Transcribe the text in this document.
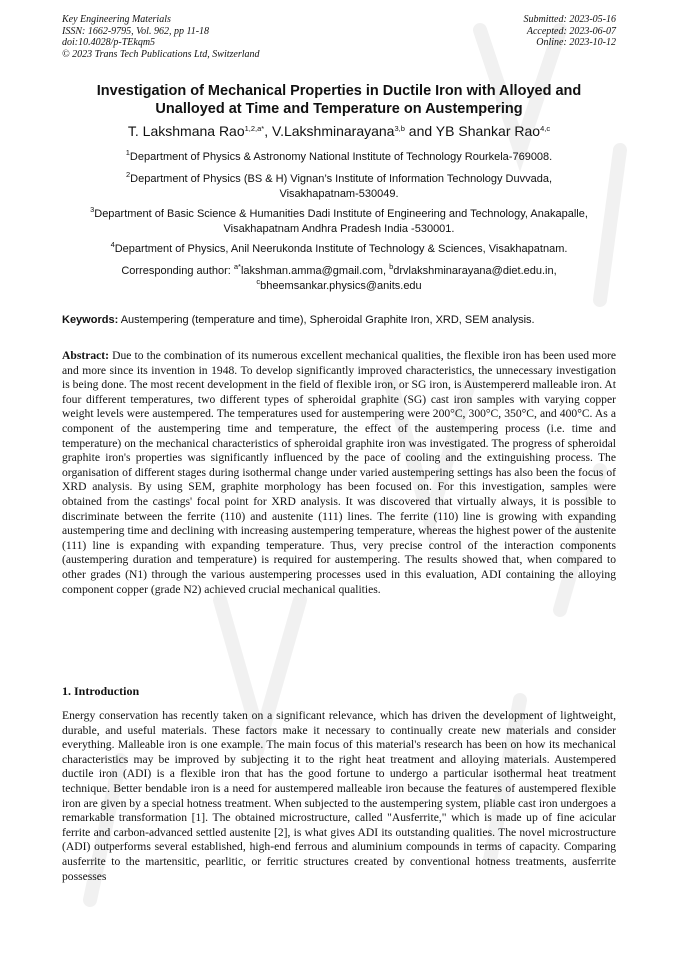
Key Engineering Materials
ISSN: 1662-9795, Vol. 962, pp 11-18
doi:10.4028/p-TEkqm5
© 2023 Trans Tech Publications Ltd, Switzerland
Submitted: 2023-05-16
Accepted: 2023-06-07
Online: 2023-10-12
Investigation of Mechanical Properties in Ductile Iron with Alloyed and Unalloyed at Time and Temperature on Austempering
T. Lakshmana Rao$^{1,2,a*}$, V.Lakshminarayana$^{3,b}$ and YB Shankar Rao$^{4,c}$
$^1$Department of Physics & Astronomy National Institute of Technology Rourkela-769008.
$^2$Department of Physics (BS & H) Vignan’s Institute of Information Technology Duvvada, Visakhapatnam-530049.
$^3$Department of Basic Science & Humanities Dadi Institute of Engineering and Technology, Anakapalle, Visakhapatnam Andhra Pradesh India -530001.
$^4$Department of Physics, Anil Neerukonda Institute of Technology & Sciences, Visakhapatnam.
Corresponding author: $^{a*}$lakshman.amma@gmail.com, $^b$drvlakshminarayana@diet.edu.in,
$^c$bheemsankar.physics@anits.edu
Keywords: Austempering (temperature and time), Spheroidal Graphite Iron, XRD, SEM analysis.
Abstract: Due to the combination of its numerous excellent mechanical qualities, the flexible iron has been used more and more since its invention in 1948. To develop significantly improved characteristics, the unnecessary investigation is being done. The most recent development in the field of flexible iron, or SG iron, is Austempererd malleable iron. At four different temperatures, two different types of spheroidal graphite (SG) cast iron samples with varying copper weight levels were austempered. The temperatures used for austempering were 200°C, 300°C, 350°C, and 400°C. As a component of the austempering time and temperature, the effect of the austempering process (i.e. time and temperature) on the mechanical characteristics of spheroidal graphite iron was investigated. The progress of spheroidal graphite iron's properties was significantly influenced by the pace of cooling and the extinguishing process. The organisation of different stages during isothermal change under varied austempering settings has also been the focus of XRD analysis. By using SEM, graphite morphology has been focused on. For this investigation, samples were obtained from the castings' focal point for XRD analysis. It was discovered that virtually always, it is possible to discriminate between the ferrite (110) and austenite (111) lines. The ferrite (110) line is growing with expanding austempering time and declining with increasing austempering temperature, whereas the highest power of the austenite (111) line is expanding with expanding temperature. Thus, very precise control of the interaction components (austempering duration and temperature) is required for austempering. The results showed that, when compared to other grades (N1) through the various austempering processes used in this evaluation, ADI containing the alloying component copper (grade N2) achieved crucial mechanical qualities.
1. Introduction
Energy conservation has recently taken on a significant relevance, which has driven the development of lightweight, durable, and useful materials. These factors make it necessary to continually create new materials and consider everything. Malleable iron is one example. The main focus of this material's research has been on how its mechanical characteristics may be improved by subjecting it to the right heat treatment and alloying materials. Austempered ductile iron (ADI) is a flexible iron that has the good fortune to undergo a particular isothermal heat treatment technique. Better bendable iron is a need for austempered malleable iron because the features of austempered flexible iron are given by a special hotness treatment. When subjected to the austempering system, pliable cast iron undergoes a remarkable transformation [1]. The obtained microstructure, called "Ausferrite," which is made up of fine acicular ferrite and carbon-advanced settled austenite [2], is what gives ADI its outstanding qualities. The novel microstructure (ADI) outperforms several established, high-end ferrous and aluminium compounds in terms of capacity. Comparing ausferrite to the martensitic, pearlitic, or ferritic structures created by conventional hotness treatments, ausferrite possesses
